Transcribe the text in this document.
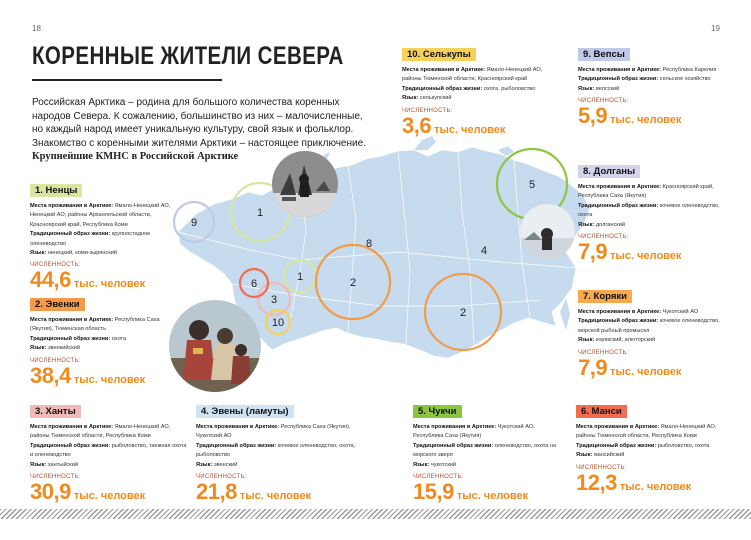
18	19
1
1	2
2
3
4
5
6
8
9
10
КОРЕННЫЕ ЖИТЕЛИ СЕВЕРА
Российская Арктика – родина для большого количества коренных народов Севера. К сожалению, большинство из них – малочисленные, но каждый народ имеет уникальную культуру, свой язык и фольклор. Знакомство с коренными жителями Арктики – настоящее приключение.
Крупнейшие КМНС в Российской Арктике
1. Ненцы
Места проживания в Арктике: Ямало-Ненецкий АО, Ненецкий АО, районы Архангельской области, Красноярский край, Республика Коми
Традиционный образ жизни: крупностадное оленеводство
Язык: ненецкий, коми-зырянский
ЧИСЛЕННОСТЬ:
44,6 тыс. человек
2. Эвенки
Места проживания в Арктике: Республика Саха (Якутия), Тюменская область
Традиционный образ жизни: охота
Язык: эвенкийский
ЧИСЛЕННОСТЬ:
38,4 тыс. человек
3. Ханты
Места проживания в Арктике: Ямало-Ненецкий АО, районы Тюменской области, Республика Коми
Традиционный образ жизни: рыболовство, таежная охота и оленеводство
Язык: хантыйский
ЧИСЛЕННОСТЬ:
30,9 тыс. человек
4. Эвены (ламуты)
Места проживания в Арктике: Республика Саха (Якутия), Чукотский АО
Традиционный образ жизни: кочевое оленеводство, охота, рыболовство
Язык: эвенский
ЧИСЛЕННОСТЬ:
21,8 тыс. человек
5. Чукчи
Места проживания в Арктике: Чукотский АО, Республика Саха (Якутия)
Традиционный образ жизни: оленеводство, охота на морского зверя
Язык: чукотский
ЧИСЛЕННОСТЬ:
15,9 тыс. человек
6. Манси
Места проживания в Арктике: Ямало-Ненецкий АО, районы Тюменской области, Республика Коми
Традиционный образ жизни: рыболовство, охота
Язык: мансийский
ЧИСЛЕННОСТЬ:
12,3 тыс. человек
10. Селькупы
Места проживания в Арктике: Ямало-Ненецкий АО, районы Тюменской области, Красноярский край
Традиционный образ жизни: охота, рыболовство
Язык: селькупский
ЧИСЛЕННОСТЬ:
3,6 тыс. человек
9. Вепсы
Места проживания в Арктике: Республика Карелия
Традиционный образ жизни: сельское хозяйство
Язык: вепсский
ЧИСЛЕННОСТЬ:
5,9 тыс. человек
8. Долганы
Места проживания в Арктике: Красноярский край, Республика Саха (Якутия)
Традиционный образ жизни: кочевое оленеводство, охота
Язык: долганский
ЧИСЛЕННОСТЬ:
7,9 тыс. человек
7. Коряки
Места проживания в Арктике: Чукотский АО
Традиционный образ жизни: кочевое оленеводство, морской рыбный промысел
Язык: корякский, алюторский
ЧИСЛЕННОСТЬ:
7,9 тыс. человек
